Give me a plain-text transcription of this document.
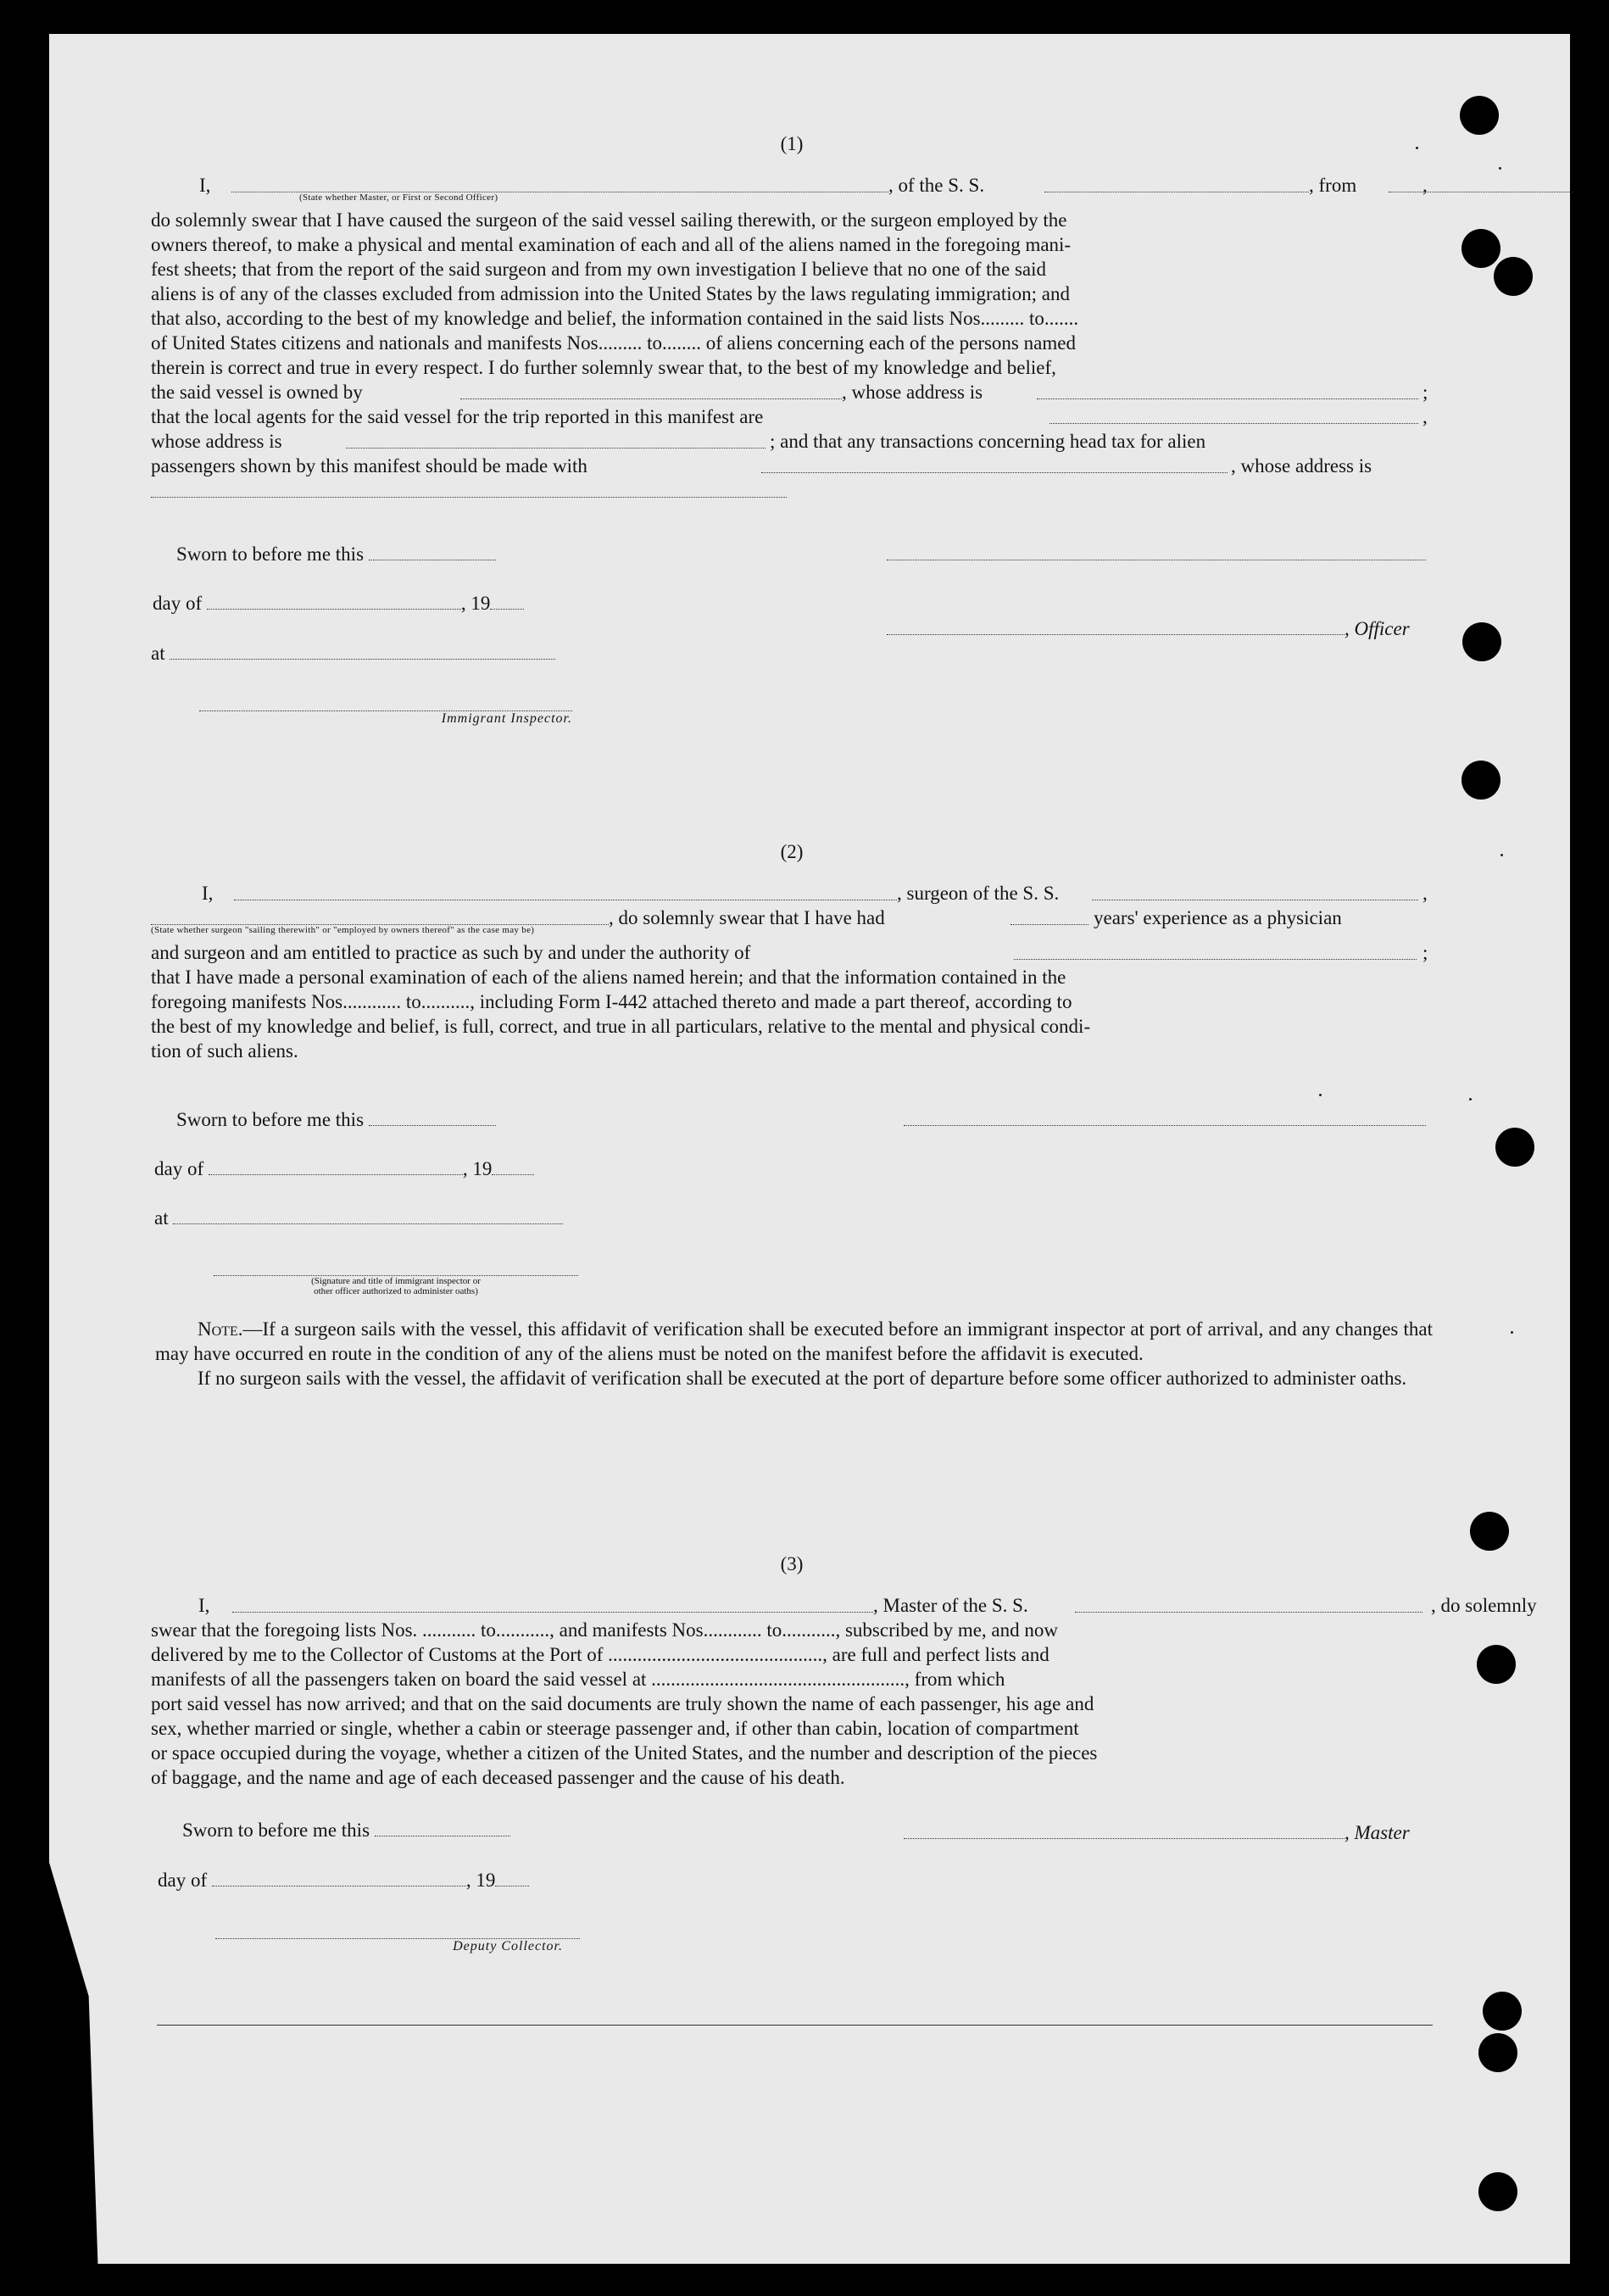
(1)
I,	, of the S. S.	, from	,
(State whether Master, or First or Second Officer)
do solemnly swear that I have caused the surgeon of the said vessel sailing therewith, or the surgeon employed by the
owners thereof, to make a physical and mental examination of each and all of the aliens named in the foregoing mani-
fest sheets; that from the report of the said surgeon and from my own investigation I believe that no one of the said
aliens is of any of the classes excluded from admission into the United States by the laws regulating immigration; and
that also, according to the best of my knowledge and belief, the information contained in the said lists Nos......... to.......
of United States citizens and nationals and manifests Nos......... to........ of aliens concerning each of the persons named
therein is correct and true in every respect. I do further solemnly swear that, to the best of my knowledge and belief,
the said vessel is owned by	, whose address is	;
that the local agents for the said vessel for the trip reported in this manifest are	,
whose address is	; and that any transactions concerning head tax for alien
passengers shown by this manifest should be made with	, whose address is
Sworn to before me this
day of	, 19
at
Immigrant Inspector.
, Officer
(2)
I,	, surgeon of the S. S.	,
, do solemnly swear that I have had	years' experience as a physician
(State whether surgeon "sailing therewith" or "employed by owners thereof" as the case may be)
and surgeon and am entitled to practice as such by and under the authority of	;
that I have made a personal examination of each of the aliens named herein; and that the information contained in the
foregoing manifests Nos............ to.........., including Form I-442 attached thereto and made a part thereof, according to
the best of my knowledge and belief, is full, correct, and true in all particulars, relative to the mental and physical condi-
tion of such aliens.
Sworn to before me this
day of	, 19
at
(Signature and title of immigrant inspector or
other officer authorized to administer oaths)
Note.—If a surgeon sails with the vessel, this affidavit of verification shall be executed before an immigrant inspector at port of arrival, and any changes that may have occurred en route in the condition of any of the aliens must be noted on the manifest before the affidavit is executed.
If no surgeon sails with the vessel, the affidavit of verification shall be executed at the port of departure before some officer authorized to administer oaths.
(3)
I,	, Master of the S. S.	, do solemnly
swear that the foregoing lists Nos. ........... to..........., and manifests Nos............ to..........., subscribed by me, and now
delivered by me to the Collector of Customs at the Port of ............................................, are full and perfect lists and
manifests of all the passengers taken on board the said vessel at ...................................................., from which
port said vessel has now arrived; and that on the said documents are truly shown the name of each passenger, his age and
sex, whether married or single, whether a cabin or steerage passenger and, if other than cabin, location of compartment
or space occupied during the voyage, whether a citizen of the United States, and the number and description of the pieces
of baggage, and the name and age of each deceased passenger and the cause of his death.
Sworn to before me this
day of	, 19
Deputy Collector.
, Master
